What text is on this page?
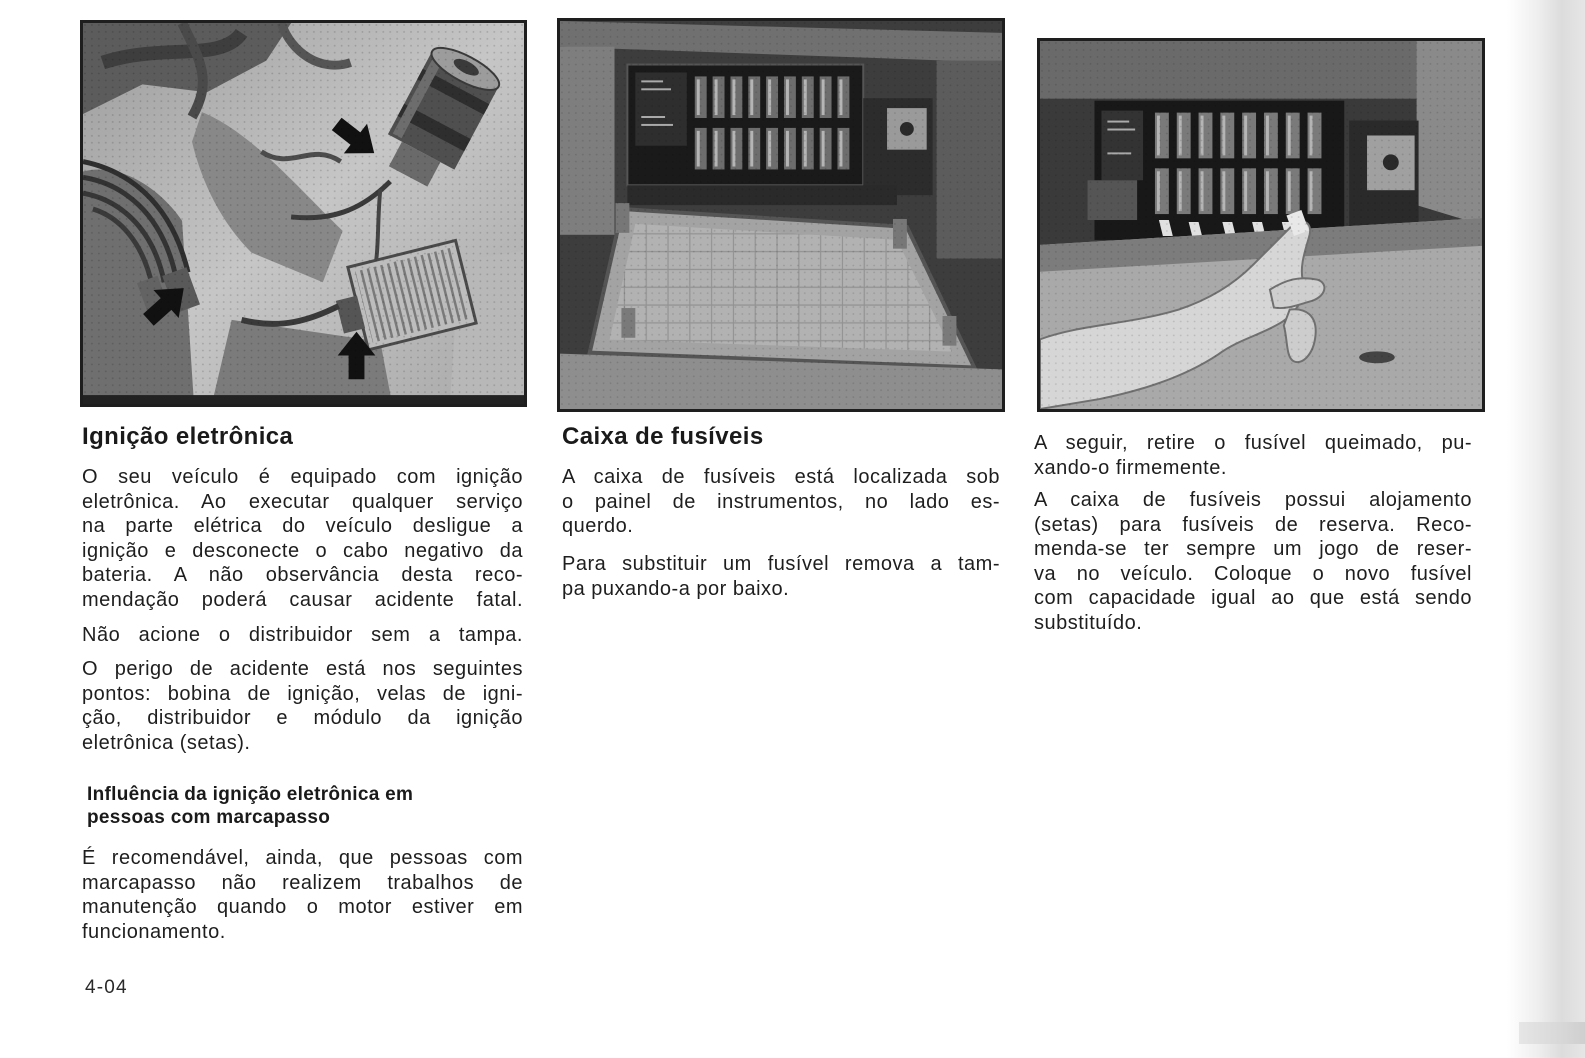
Ignição eletrônica
O seu veículo é equipado com ignição
eletrônica. Ao executar qualquer serviço
na parte elétrica do veículo desligue a
ignição e desconecte o cabo negativo da
bateria. A não observância desta reco-
mendação poderá causar acidente fatal.
Não acione o distribuidor sem a tampa.
O perigo de acidente está nos seguintes
pontos: bobina de ignição, velas de igni-
ção, distribuidor e módulo da ignição
eletrônica (setas).
Influência da ignição eletrônica em
pessoas com marcapasso
É recomendável, ainda, que pessoas com
marcapasso não realizem trabalhos de
manutenção quando o motor estiver em
funcionamento.
4-04
Caixa de fusíveis
A caixa de fusíveis está localizada sob
o painel de instrumentos, no lado es-
querdo.
Para substituir um fusível remova a tam-
pa puxando-a por baixo.
A seguir, retire o fusível queimado, pu-
xando-o firmemente.
A caixa de fusíveis possui alojamento
(setas) para fusíveis de reserva. Reco-
menda-se ter sempre um jogo de reser-
va no veículo. Coloque o novo fusível
com capacidade igual ao que está sendo
substituído.
